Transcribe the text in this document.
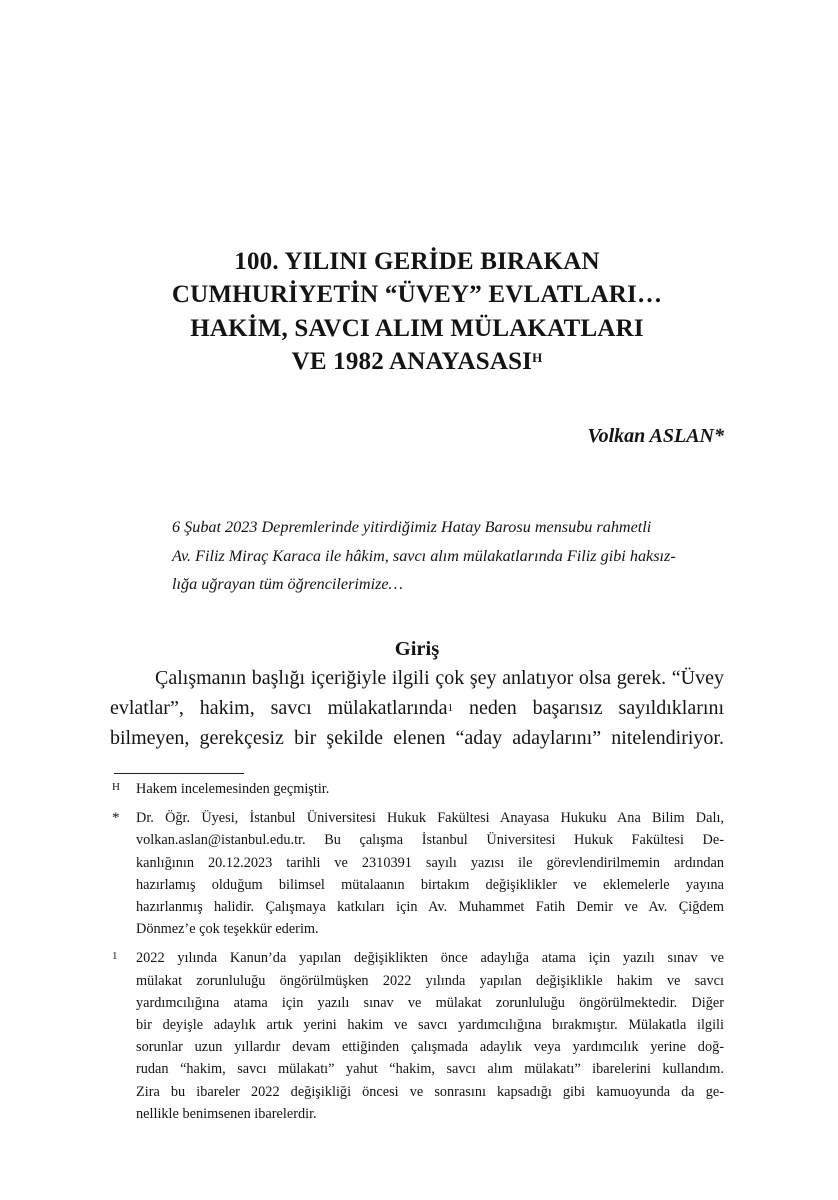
100. YILINI GERİDE BIRAKAN
CUMHURİYETİN “ÜVEY” EVLATLARI…
HAKİM, SAVCI ALIM MÜLAKATLARI
VE 1982 $ANAYASASI^H$
Volkan ASLAN*
6 Şubat 2023 Depremlerinde yitirdiğimiz Hatay Barosu mensubu rahmetli
Av. Filiz Miraç Karaca ile hâkim, savcı alım mülakatlarında Filiz gibi haksız-
lığa uğrayan tüm öğrencilerimize…
Giriş
Çalışmanın başlığı içeriğiyle ilgili çok şey anlatıyor olsa gerek. “Üvey
evlatlar”, hakim, savcı mülakatlarında$^1$ neden başarısız sayıldıklarını
bilmeyen, gerekçesiz bir şekilde elenen “aday adaylarını” nitelendiriyor.
H Hakem incelemesinden geçmiştir.
* Dr. Öğr. Üyesi, İstanbul Üniversitesi Hukuk Fakültesi Anayasa Hukuku Ana Bilim Dalı,
volkan.aslan@istanbul.edu.tr. Bu çalışma İstanbul Üniversitesi Hukuk Fakültesi De-
kanlığının 20.12.2023 tarihli ve 2310391 sayılı yazısı ile görevlendirilmemin ardından
hazırlamış olduğum bilimsel mütalaanın birtakım değişiklikler ve eklemelerle yayına
hazırlanmış halidir. Çalışmaya katkıları için Av. Muhammet Fatih Demir ve Av. Çiğdem
Dönmez’e çok teşekkür ederim.
1 2022 yılında Kanun’da yapılan değişiklikten önce adaylığa atama için yazılı sınav ve
mülakat zorunluluğu öngörülmüşken 2022 yılında yapılan değişiklikle hakim ve savcı
yardımcılığına atama için yazılı sınav ve mülakat zorunluluğu öngörülmektedir. Diğer
bir deyişle adaylık artık yerini hakim ve savcı yardımcılığına bırakmıştır. Mülakatla ilgili
sorunlar uzun yıllardır devam ettiğinden çalışmada adaylık veya yardımcılık yerine doğ-
rudan “hakim, savcı mülakatı” yahut “hakim, savcı alım mülakatı” ibarelerini kullandım.
Zira bu ibareler 2022 değişikliği öncesi ve sonrasını kapsadığı gibi kamuoyunda da ge-
nellikle benimsenen ibarelerdir.
